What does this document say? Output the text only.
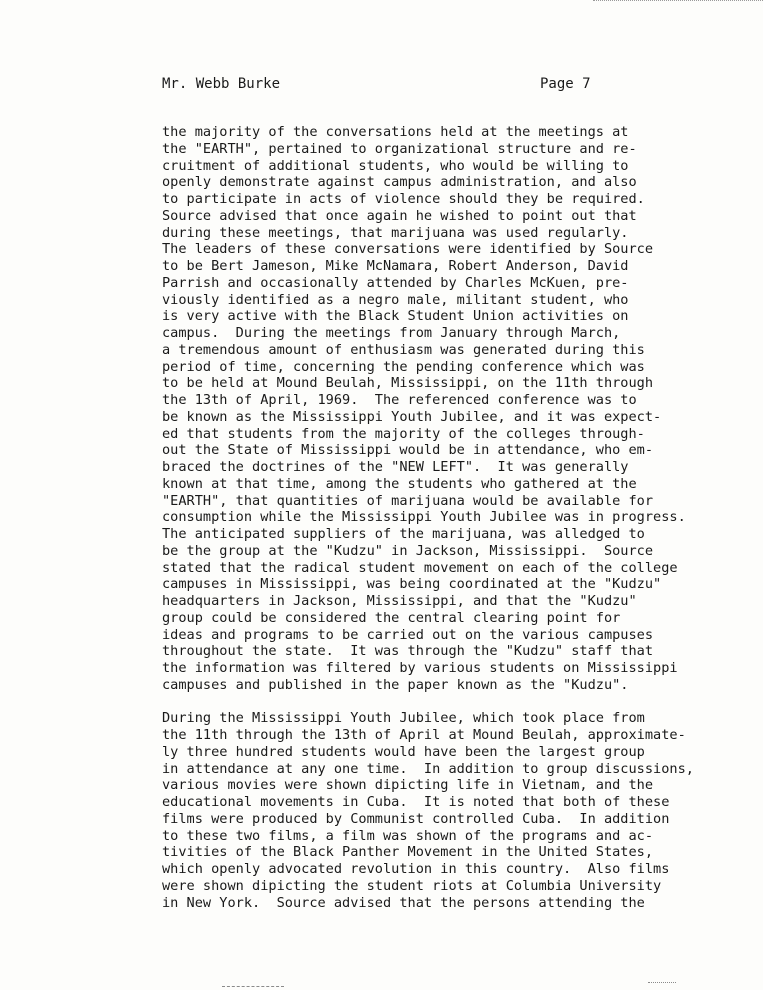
Mr. Webb Burke	Page 7
the majority of the conversations held at the meetings at
the "EARTH", pertained to organizational structure and re-
cruitment of additional students, who would be willing to
openly demonstrate against campus administration, and also
to participate in acts of violence should they be required.
Source advised that once again he wished to point out that
during these meetings, that marijuana was used regularly.
The leaders of these conversations were identified by Source
to be Bert Jameson, Mike McNamara, Robert Anderson, David
Parrish and occasionally attended by Charles McKuen, pre-
viously identified as a negro male, militant student, who
is very active with the Black Student Union activities on
campus.  During the meetings from January through March,
a tremendous amount of enthusiasm was generated during this
period of time, concerning the pending conference which was
to be held at Mound Beulah, Mississippi, on the 11th through
the 13th of April, 1969.  The referenced conference was to
be known as the Mississippi Youth Jubilee, and it was expect-
ed that students from the majority of the colleges through-
out the State of Mississippi would be in attendance, who em-
braced the doctrines of the "NEW LEFT".  It was generally
known at that time, among the students who gathered at the
"EARTH", that quantities of marijuana would be available for
consumption while the Mississippi Youth Jubilee was in progress.
The anticipated suppliers of the marijuana, was alledged to
be the group at the "Kudzu" in Jackson, Mississippi.  Source
stated that the radical student movement on each of the college
campuses in Mississippi, was being coordinated at the "Kudzu"
headquarters in Jackson, Mississippi, and that the "Kudzu"
group could be considered the central clearing point for
ideas and programs to be carried out on the various campuses
throughout the state.  It was through the "Kudzu" staff that
the information was filtered by various students on Mississippi
campuses and published in the paper known as the "Kudzu".
During the Mississippi Youth Jubilee, which took place from
the 11th through the 13th of April at Mound Beulah, approximate-
ly three hundred students would have been the largest group
in attendance at any one time.  In addition to group discussions,
various movies were shown dipicting life in Vietnam, and the
educational movements in Cuba.  It is noted that both of these
films were produced by Communist controlled Cuba.  In addition
to these two films, a film was shown of the programs and ac-
tivities of the Black Panther Movement in the United States,
which openly advocated revolution in this country.  Also films
were shown dipicting the student riots at Columbia University
in New York.  Source advised that the persons attending the
